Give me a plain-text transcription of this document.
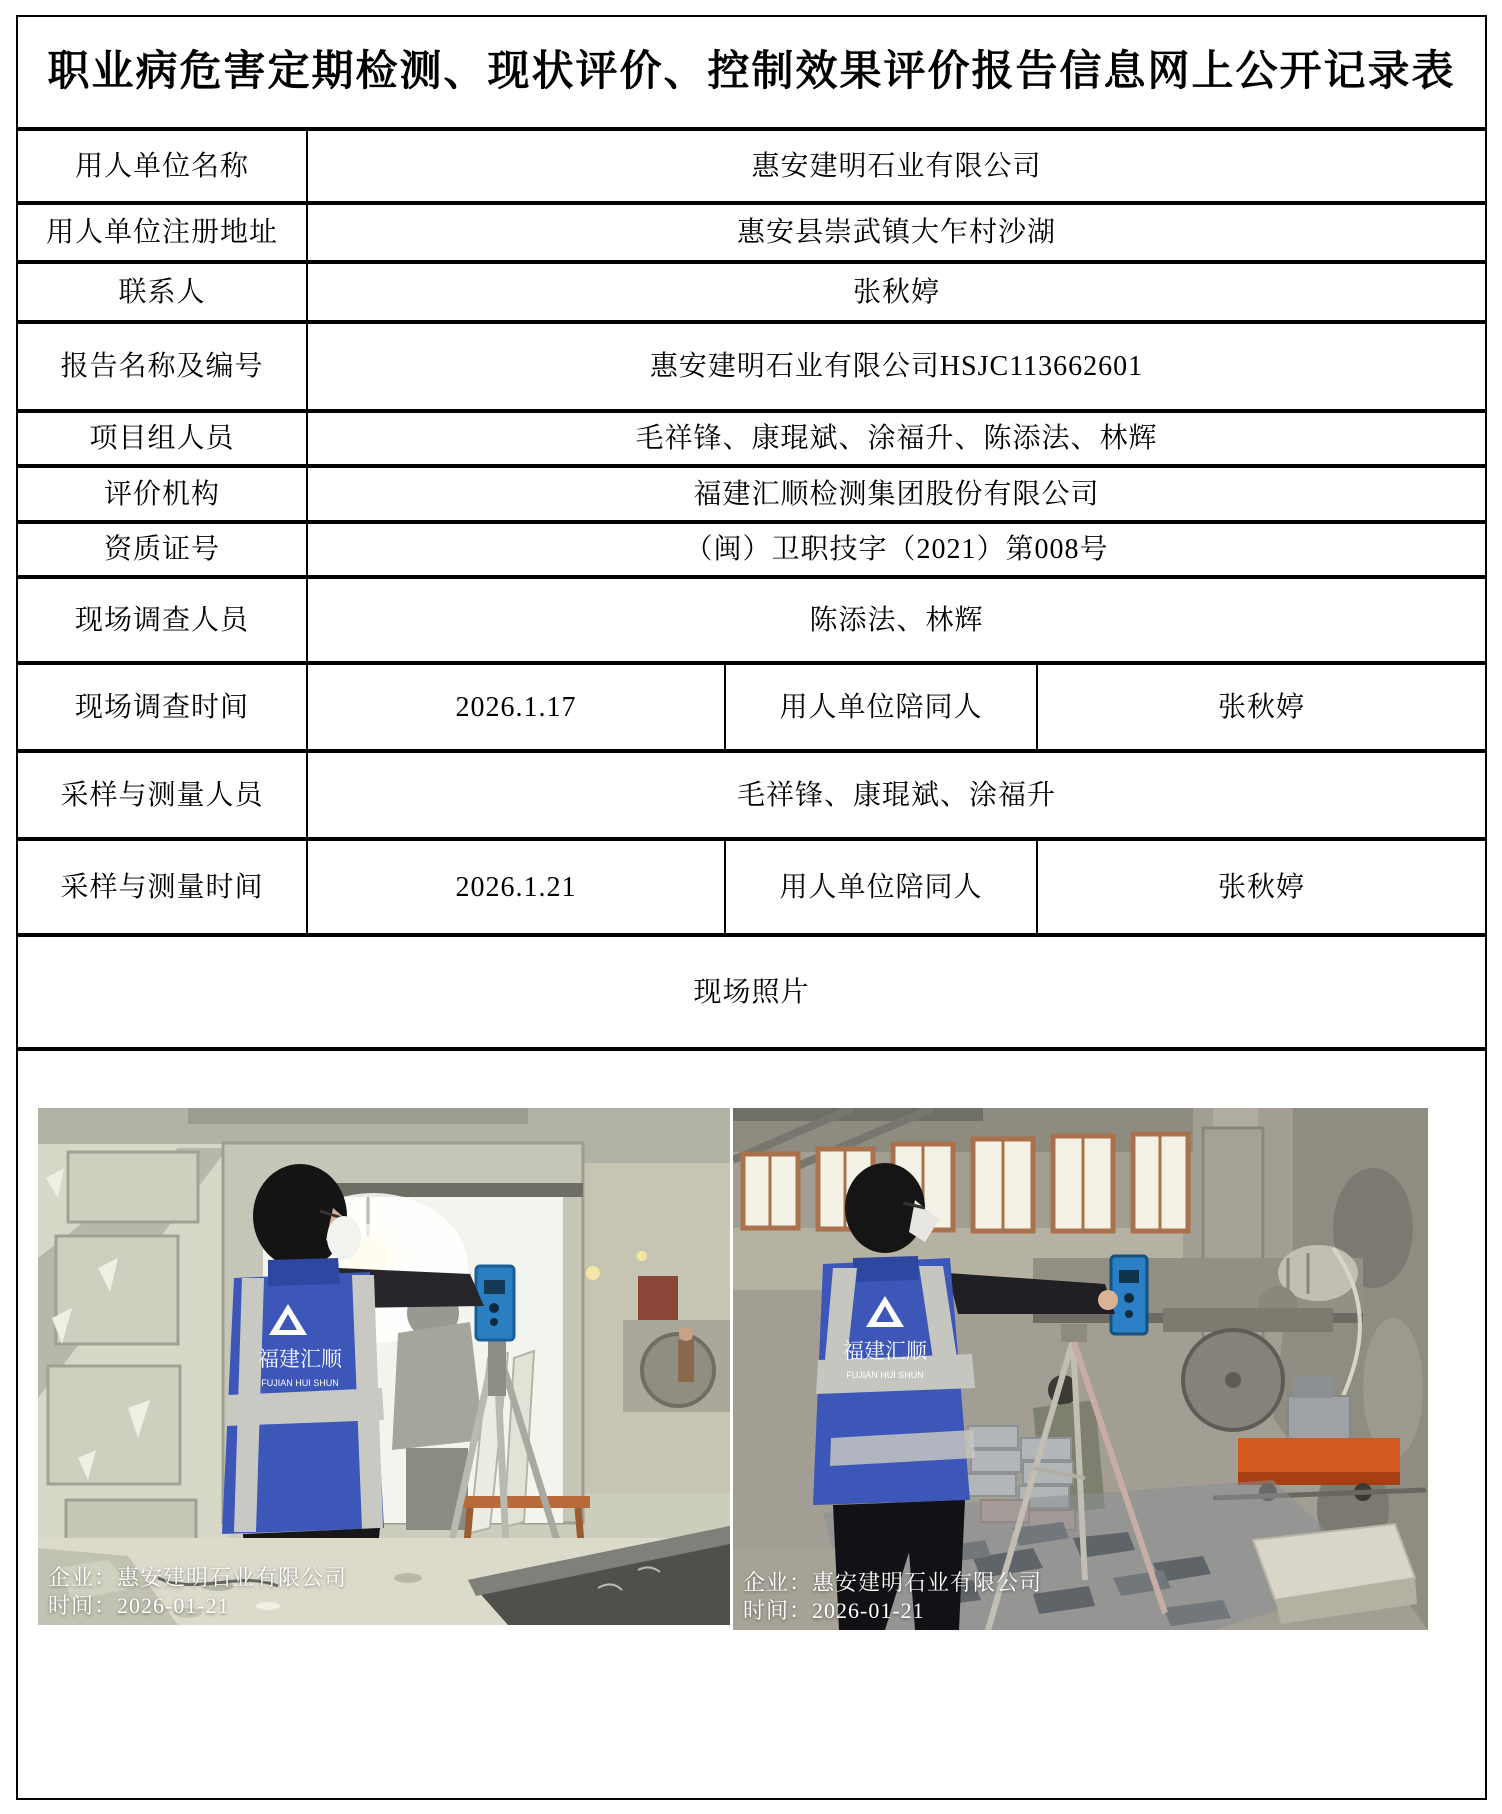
职业病危害定期检测、现状评价、控制效果评价报告信息网上公开记录表
用人单位名称	惠安建明石业有限公司
用人单位注册地址	惠安县崇武镇大乍村沙湖
联系人	张秋婷
报告名称及编号	惠安建明石业有限公司HSJC113662601
项目组人员	毛祥锋、康琨斌、涂福升、陈添法、林辉
评价机构	福建汇顺检测集团股份有限公司
资质证号	（闽）卫职技字（2021）第008号
现场调查人员	陈添法、林辉
现场调查时间	2026.1.17	用人单位陪同人	张秋婷
采样与测量人员	毛祥锋、康琨斌、涂福升
采样与测量时间	2026.1.21	用人单位陪同人	张秋婷
现场照片
福建汇顺
FUJIAN HUI SHUN
企业：惠安建明石业有限公司
时间：2026-01-21
福建汇顺
FUJIAN HUI SHUN
企业：惠安建明石业有限公司
时间：2026-01-21
